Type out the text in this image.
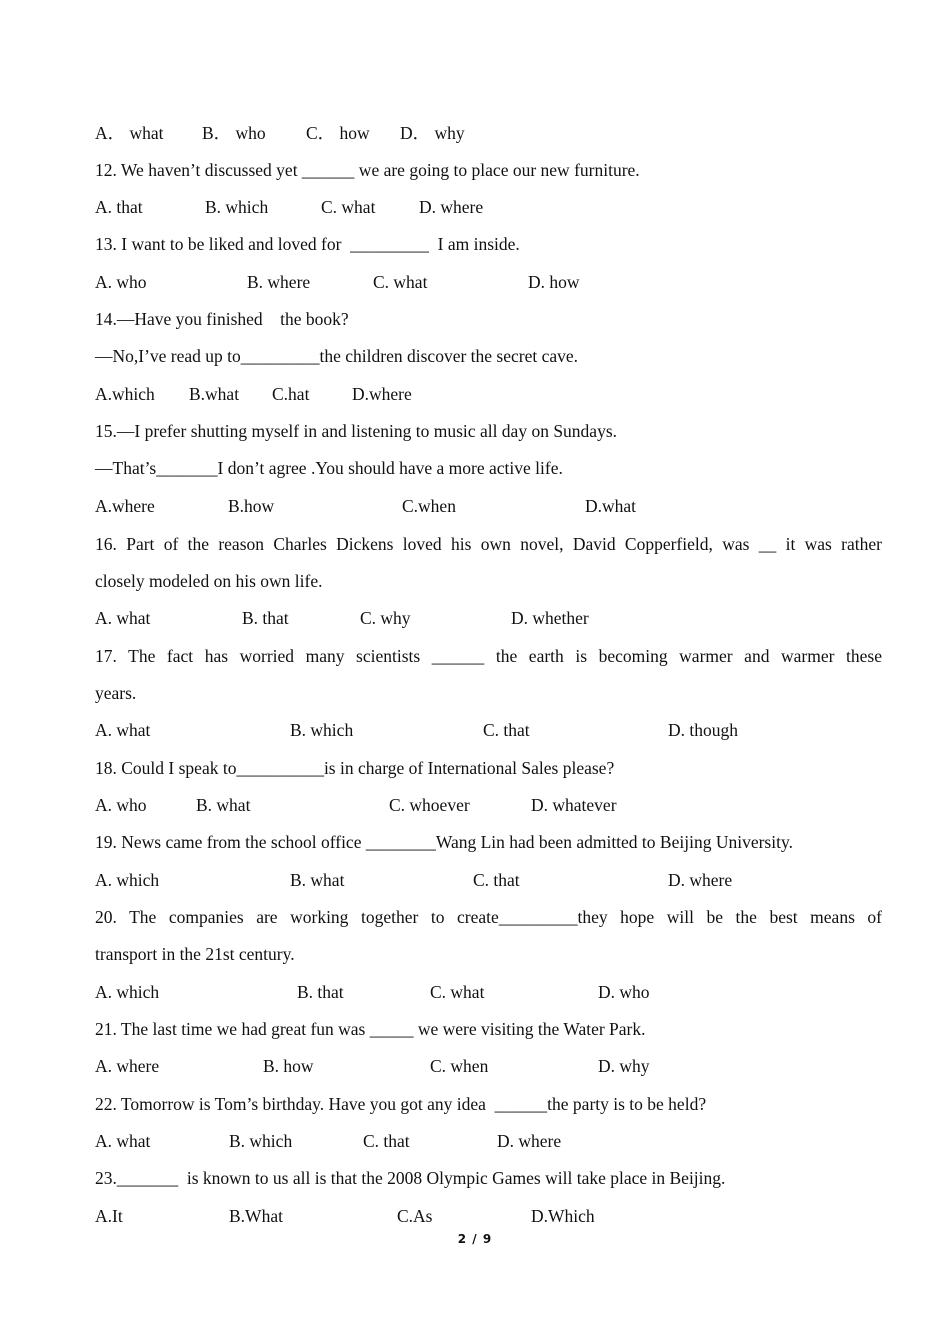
A． what B． who C． how D． why
12. We haven’t discussed yet ______ we are going to place our new furniture.
A. that	B. which	C. what D. where
13. I want to be liked and loved for  _________  I am inside.
A. who	B. where	C. what	D. how
14.—Have you finished    the book?
—No,I’ve read up to_________the children discover the secret cave.
A.which B.what C.hat D.where
15.—I prefer shutting myself in and listening to music all day on Sundays.
—That’s_______I don’t agree .You should have a more active life.
A.where	B.how	C.when	D.what
16. Part of the reason Charles Dickens loved his own novel, David Copperfield, was __ it was rather
closely modeled on his own life.
A. what	B. that	C. why	D. whether
17. The fact has worried many scientists ______ the earth is becoming warmer and warmer these
years.
A. what	B. which	C. that	D. though
18. Could I speak to__________is in charge of International Sales please?
A. who	B. what	C. whoever	D. whatever
19. News came from the school office ________Wang Lin had been admitted to Beijing University.
A. which	B. what	C. that	D. where
20. The companies are working together to create_________they hope will be the best means of
transport in the 21st century.
A. which	B. that	C. what	D. who
21. The last time we had great fun was _____ we were visiting the Water Park.
A. where	B. how	C. when	D. why
22. Tomorrow is Tom’s birthday. Have you got any idea  ______the party is to be held?
A. what	B. which	C. that	D. where
23._______  is known to us all is that the 2008 Olympic Games will take place in Beijing.
A.It	B.What	C.As	D.Which
2 / 9
